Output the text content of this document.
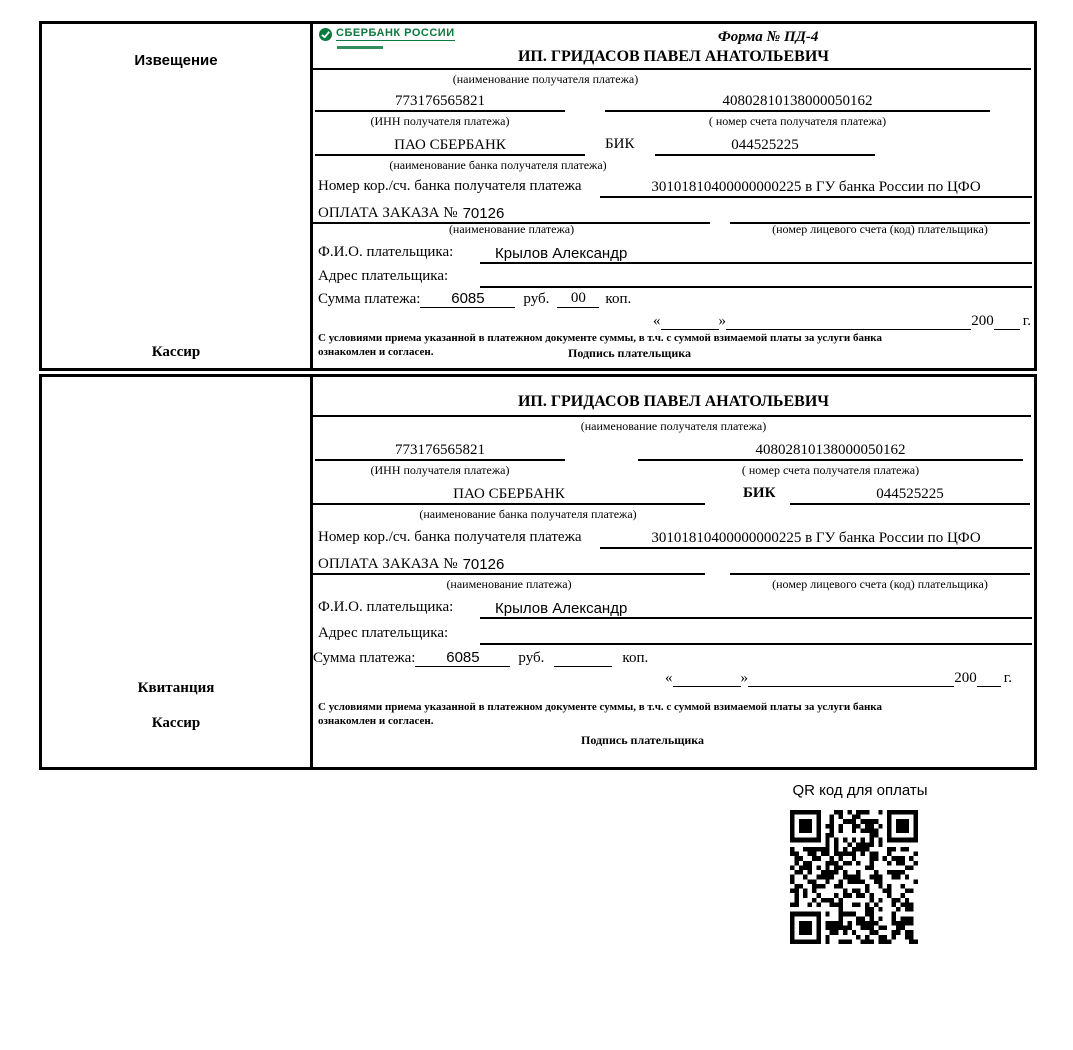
Извещение
Кассир
СБЕРБАНК РОССИИ	Форма № ПД-4
ИП. ГРИДАСОВ ПАВЕЛ АНАТОЛЬЕВИЧ
(наименование получателя платежа)
773176565821	40802810138000050162
(ИНН получателя платежа)	( номер счета получателя платежа)
ПАО СБЕРБАНК	БИК	044525225
(наименование банка получателя платежа)
Номер кор./сч. банка получателя платежа	30101810400000000225 в ГУ банка России по ЦФО
ОПЛАТА ЗАКАЗА № 70126
(наименование платежа)	(номер лицевого счета (код) плательщика)
Ф.И.О. плательщика:	Крылов Александр
Адрес плательщика:
Сумма платежа: 6085	руб.	00	коп.
«	»	200 г.
С условиями приема указанной в платежном документе суммы, в т.ч. с суммой взимаемой платы за услуги банка
ознакомлен и согласен.	Подпись плательщика
Квитанция
Кассир
ИП. ГРИДАСОВ ПАВЕЛ АНАТОЛЬЕВИЧ
(наименование получателя платежа)
773176565821	40802810138000050162
(ИНН получателя платежа)	( номер счета получателя платежа)
ПАО СБЕРБАНК	БИК	044525225
(наименование банка получателя платежа)
Номер кор./сч. банка получателя платежа	30101810400000000225 в ГУ банка России по ЦФО
ОПЛАТА ЗАКАЗА № 70126
(наименование платежа)	(номер лицевого счета (код) плательщика)
Ф.И.О. плательщика:	Крылов Александр
Адрес плательщика:
Сумма платежа: 6085	руб.	коп.
«	»	200 г.
С условиями приема указанной в платежном документе суммы, в т.ч. с суммой взимаемой платы за услуги банка
ознакомлен и согласен.
Подпись плательщика
QR код для оплаты
